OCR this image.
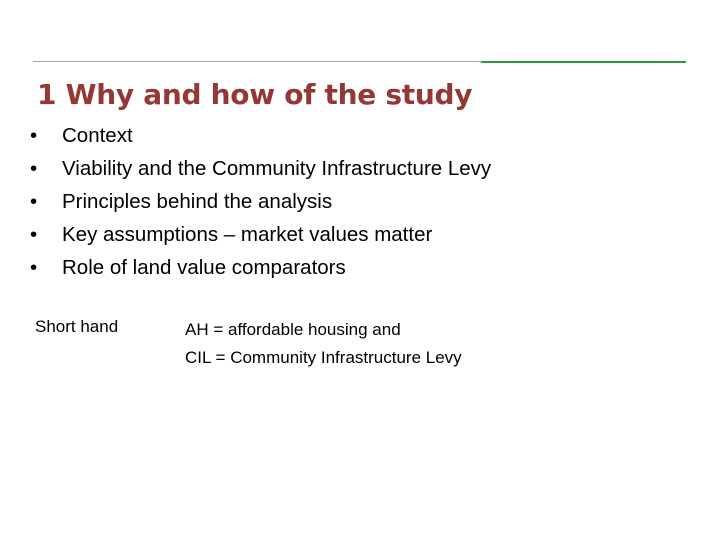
1 Why and how of the study
•	Context
•	Viability and the Community Infrastructure Levy
•	Principles behind the analysis
•	Key assumptions – market values matter
•	Role of land value comparators
Short hand	AH = affordable housing and
CIL = Community Infrastructure Levy
